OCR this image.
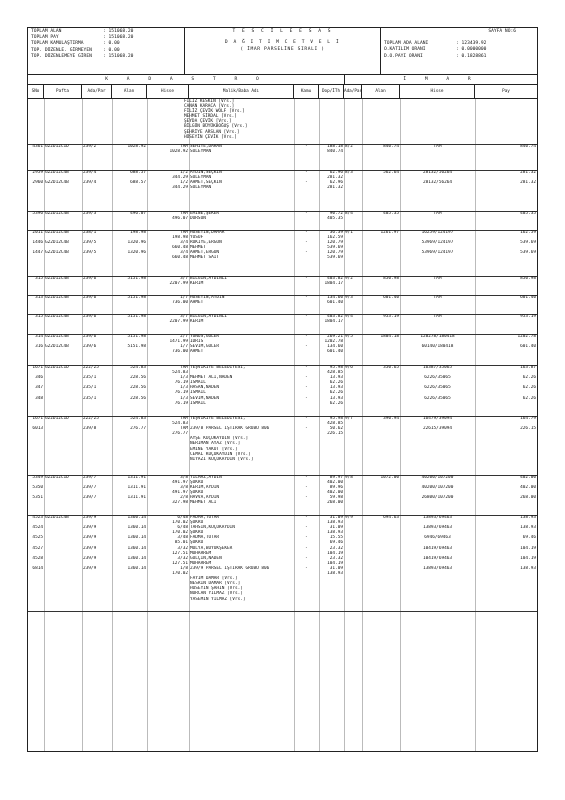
TOPLAM ALAN	: 151068.20
TOPLAM PAY	: 151068.20
TOPLAM KAMULAŞTIRMA	: 0.00
TOP. DÜZENLE. GİRMEYEN	: 0.00
TOP. DÜZENLEMEYE GİREN	: 151068.20
T E S C İ L E E S A S
D A Ğ I T I M C E T V E L İ
( İMAR PARSELİNE SIRALI )
SAYFA NO:6
TOPLAM ADA ALANI	: 123439.92
O.KATILIM ORANI	: 0.0000000
D.O.PAYI ORANI	: 0.1828861
K A D A S T R O	İ M A R
SNo	Pafta	Ada/Par	Alan	Hisse	Malik/Baba Adı	Kamu	Dop/İTh Ada/Par	Alan	Hisse	Pay
FİLİZ KESKİN [Vrs.]
CANAN KARACA [Vrs.]
FİLİZ ÇEVİK WOLF [Vrs.]
MEHMET SİRDAL [Vrs.]
ŞEYDA ÇEVİK [Vrs.]
BİLGÜN BÜYÜKBOĞUŞ [Vrs.]
ŞEHRİYE ARSLAN [Vrs.]
HÜSEYİN ÇEVİK [Vrs.]
4361 G22D12C1D	239/2	1028.92	TAM SEHİYE,DAHAN	-	188.18 8/2	840.74	TAM	840.74
1028.92 SÜLEYMAN	840.74
2959 G22D12C4B	239/4	688.57	1/2 AYDIN,SEÇKİN	-	62.96 8/3	562.64	28132/56264	281.32
344.29 SÜLEYMAN	281.32
2960 G22D12C4B	239/4	688.57	1/2 AHMET,SEÇKİN	-	62.96	28132/56264	281.32
344.29 SÜLEYMAN	281.32
5396 G22D12C4B	239/3	496.07	TAM EMİNE,ŞEKER	-	90.72 8/4	405.35	TAM	405.35
496.07 DURSUN	405.35
2011 G22D12C4B	238/1	198.98	TAM HÜSEYİN,DAMAR	-	36.39 9/1	1261.97	16259/124197	162.59
198.98 YUSUF	162.59
1446 G22D12C4B	239/5	1320.96	3/4 RUKİYE,ERGÜN	-	120.79	53969/124197	539.69
660.48 MEHMET	539.69
1447 G22D12C4B	239/5	1320.96	3/4 AHMET,ERGÜN	-	120.79	53969/124197	539.69
660.48 MEHMET SAİT	539.69
315 G22D12C4B	239/6	5151.98	3/7 BİLGİN,AYDINLI	-	403.82 9/2	850.98	TAM	850.98
2207.99 KERİM	1804.17
313 G22D12C4B	239/6	5151.98	1/7 HÜSEYİN,AYDIN	-	134.60 9/3	601.40	TAM	601.40
736.00 AHMET	601.40
315 G22D12C4B	239/6	5151.98	3/7 BİLGİN,AYDINLI	-	403.82 9/4	953.19	TAM	953.19
2207.99 KERİM	1804.17
314 G22D12C4B	239/6	5151.98	2/7 YUNUS,GÜLER	-	269.21 9/5	1804.18	120278/180418	1202.78
1471.99 İDRİS	1202.78
316 G22D12C4B	239/6	5151.98	1/7 SEVİM,GÜLER	-	134.60	60140/180418	601.40
736.00 AHMET	601.40
1671 G22D12C1D	222/25	524.83	TAM TEŞVİKİYE BELEDİYESİ,	-	95.98 9/6	350.65	16387/35065	163.87
524.83	428.85
346	235/1	228.56	1/3 MEHMET ALİ,NADEN	-	13.93	6226/35065	62.26
76.19 İSMAİL	62.26
347	235/1	228.56	1/3 HASAN,NADEN	-	13.93	6226/35065	62.26
76.19 İSMAİL	62.26
348	235/1	228.56	1/3 SEVİM,NADEN	-	13.93	6226/35065	62.26
76.19 İSMAİL	62.26
1671 G22D12C1D	222/25	524.83	TAM TEŞVİKİYE BELEDİYESİ,	-	95.98 9/7	390.94	16479/39094	164.79
524.83	428.85
6013	239/8	276.77	TAM 239/8 PARSEL İŞTİRAK GRUBU 806	-	50.62	22615/39094	226.15
276.77	226.15
AYŞE KÜÇÜKAYDIN [Vrs.]
NERİMAN AYAZ [Vrs.]
EMİNE YAKUT [Vrs.]
CEMAL KÜÇÜKAYDIN [Vrs.]
NİYAZİ KÜÇÜKAYDIN [Vrs.]
5349 G22D12C1D	239/7	1311.91	3/8 YILMAZ,AYDIN	-	89.97 9/8	1072.00	40200/107200	402.00
491.97 ŞÜKRÜ	402.00
5350	239/7	1311.91	3/8 KERİM,AYDIN	-	89.96	40200/107200	402.00
491.97 ŞÜKRÜ	402.00
5351	239/7	1311.91	2/8 HAVVA,AYDIN	-	59.98	26800/107200	268.00
327.98 MEHMET ALİ	268.00
4523 G22D12C4B	239/9	1360.14	6/48 FADMA,TUTAR	-	31.09 9/9	694.63	13893/69463	138.93
170.02 ŞÜKRÜ	138.93
4524	239/9	1360.14	6/48 TAHSİN,KÜÇÜKAYDIN	-	31.09	13893/69463	138.93
170.02 ŞÜKRÜ	138.93
4525	239/9	1360.14	3/48 FADMA,TUTAR	-	15.55	6946/69463	69.46
85.01 ŞÜKRÜ	69.46
4527	239/9	1360.14	3/32 MÜLYA,BÜYÜKŞEKER	-	23.32	10419/69463	104.19
127.51 MUHARREM	104.19
4528	239/9	1360.14	3/32 GÜLÇİN,NADEN	-	23.32	10419/69463	104.19
127.51 MUHARREM	104.19
6814	239/9	1360.14	1/8 239/9 PARSEL İŞTİRAK GRUBU 806	-	31.09	13893/69463	138.93
170.02	138.93
FAYİM DAMAR [Vrs.]
NESRİN DAMAR [Vrs.]
HÜSEYİN ŞAHİN [Vrs.]
NURCAN YILMAZ [Vrs.]
YASEMİN YILMAZ [Vrs.]
